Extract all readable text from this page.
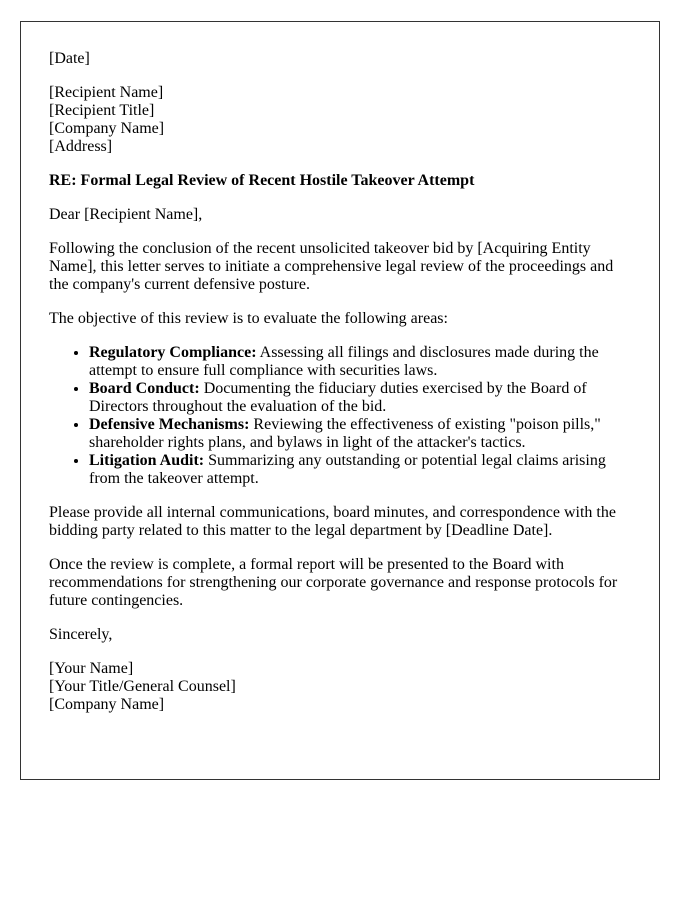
[Date]

[Recipient Name]

[Recipient Title]

[Company Name]

[Address]

RE: Formal Legal Review of Recent Hostile Takeover Attempt

Dear [Recipient Name],

Following the conclusion of the recent unsolicited takeover bid by [Acquiring Entity Name], this letter serves to initiate a comprehensive legal review of the proceedings and the company's current defensive posture.

The objective of this review is to evaluate the following areas:

• Regulatory Compliance: Assessing all filings and disclosures made during the attempt to ensure full compliance with securities laws.
• Board Conduct: Documenting the fiduciary duties exercised by the Board of Directors throughout the evaluation of the bid.
• Defensive Mechanisms: Reviewing the effectiveness of existing "poison pills," shareholder rights plans, and bylaws in light of the attacker's tactics.
• Litigation Audit: Summarizing any outstanding or potential legal claims arising from the takeover attempt.

Please provide all internal communications, board minutes, and correspondence with the bidding party related to this matter to the legal department by [Deadline Date].

Once the review is complete, a formal report will be presented to the Board with recommendations for strengthening our corporate governance and response protocols for future contingencies.

Sincerely,

[Your Name]

[Your Title/General Counsel]

[Company Name]
